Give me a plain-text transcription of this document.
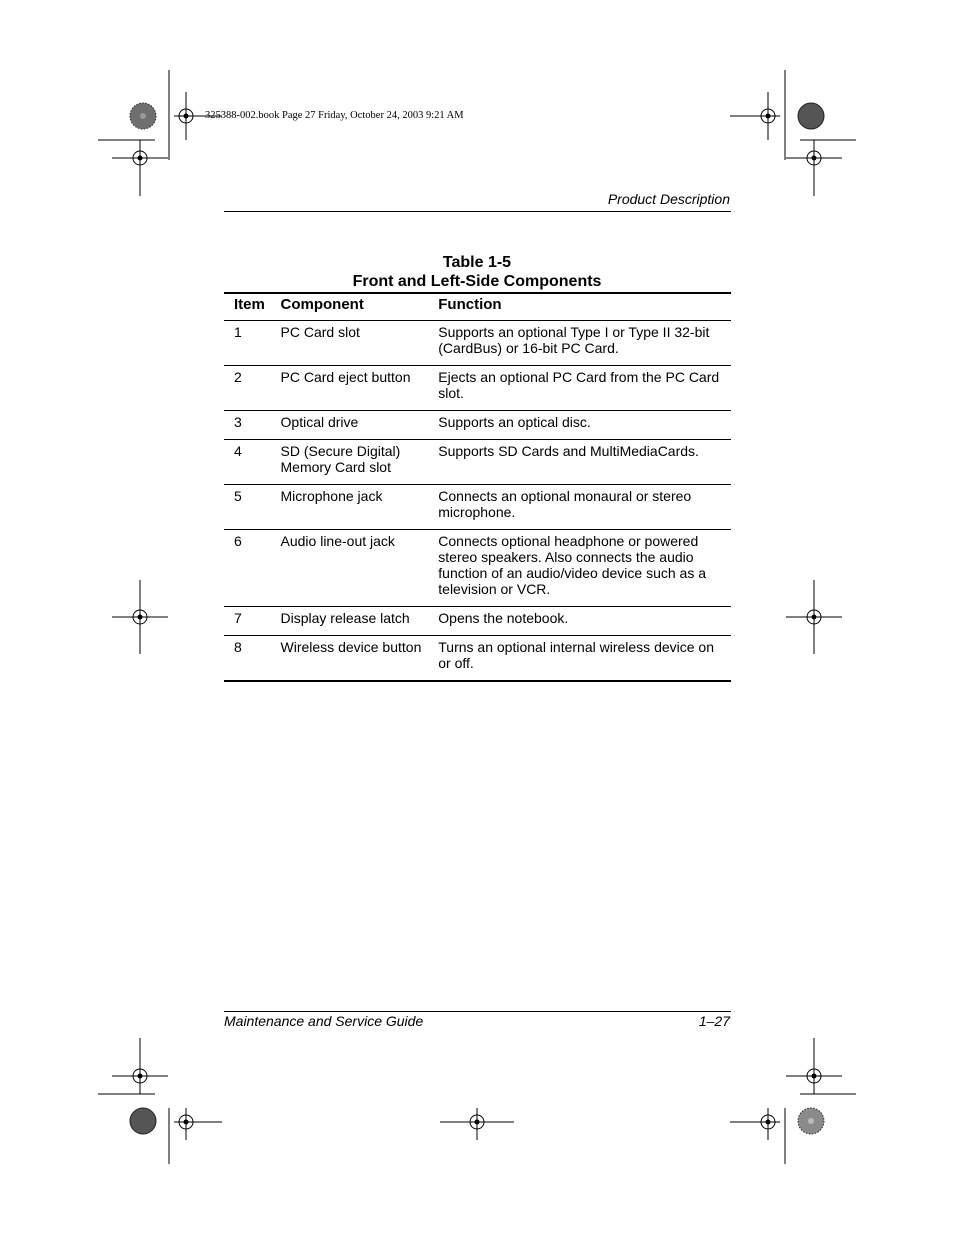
325388-002.book Page 27 Friday, October 24, 2003 9:21 AM
Product Description
Table 1-5
Front and Left-Side Components
Item	Component	Function
1	PC Card slot	Supports an optional Type I or Type II 32-bit (CardBus) or 16-bit PC Card.
2	PC Card eject button	Ejects an optional PC Card from the PC Card slot.
3	Optical drive	Supports an optical disc.
4	SD (Secure Digital) Memory Card slot	Supports SD Cards and MultiMediaCards.
5	Microphone jack	Connects an optional monaural or stereo microphone.
6	Audio line-out jack	Connects optional headphone or powered stereo speakers. Also connects the audio function of an audio/video device such as a television or VCR.
7	Display release latch	Opens the notebook.
8	Wireless device button	Turns an optional internal wireless device on or off.
Maintenance and Service Guide	1–27
